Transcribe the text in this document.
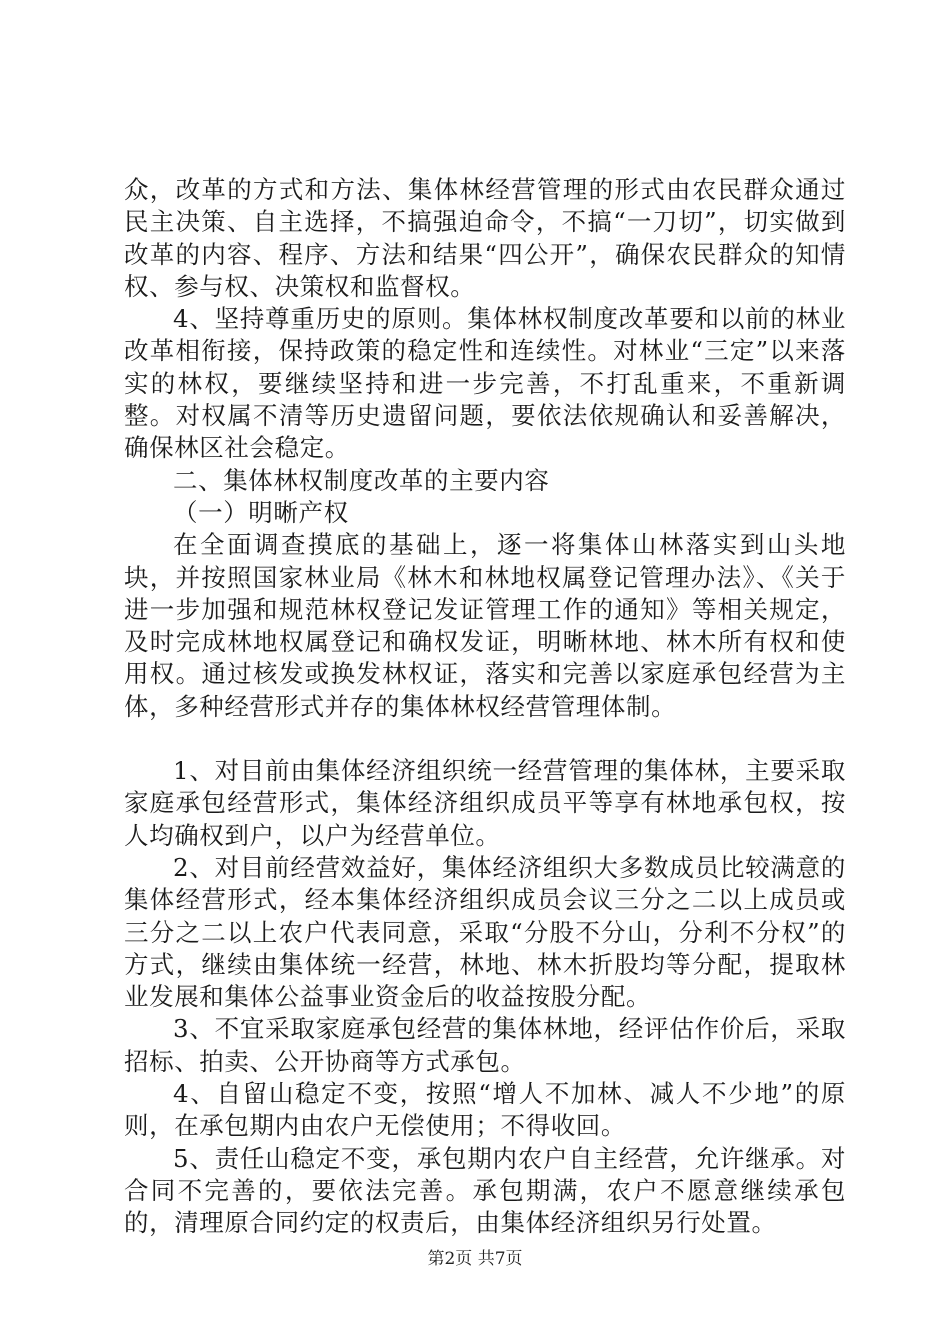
众，改革的方式和方法、集体林经营管理的形式由农民群众通过民主决策、自主选择，不搞强迫命令，不搞“一刀切”，切实做到改革的内容、程序、方法和结果“四公开”，确保农民群众的知情权、参与权、决策权和监督权。

4、坚持尊重历史的原则。集体林权制度改革要和以前的林业改革相衔接，保持政策的稳定性和连续性。对林业“三定”以来落实的林权，要继续坚持和进一步完善，不打乱重来，不重新调整。对权属不清等历史遗留问题，要依法依规确认和妥善解决，确保林区社会稳定。

二、集体林权制度改革的主要内容

（一）明晰产权

在全面调查摸底的基础上，逐一将集体山林落实到山头地块，并按照国家林业局《林木和林地权属登记管理办法》、《关于进一步加强和规范林权登记发证管理工作的通知》等相关规定，及时完成林地权属登记和确权发证，明晰林地、林木所有权和使用权。通过核发或换发林权证，落实和完善以家庭承包经营为主体，多种经营形式并存的集体林权经营管理体制。

1、对目前由集体经济组织统一经营管理的集体林，主要采取家庭承包经营形式，集体经济组织成员平等享有林地承包权，按人均确权到户，以户为经营单位。

2、对目前经营效益好，集体经济组织大多数成员比较满意的集体经营形式，经本集体经济组织成员会议三分之二以上成员或三分之二以上农户代表同意，采取“分股不分山，分利不分权”的方式，继续由集体统一经营，林地、林木折股均等分配，提取林业发展和集体公益事业资金后的收益按股分配。

3、不宜采取家庭承包经营的集体林地，经评估作价后，采取招标、拍卖、公开协商等方式承包。

4、自留山稳定不变，按照“增人不加林、减人不少地”的原则，在承包期内由农户无偿使用；不得收回。

5、责任山稳定不变，承包期内农户自主经营，允许继承。对合同不完善的，要依法完善。承包期满，农户不愿意继续承包的，清理原合同约定的权责后，由集体经济组织另行处置。

第2页 共7页
